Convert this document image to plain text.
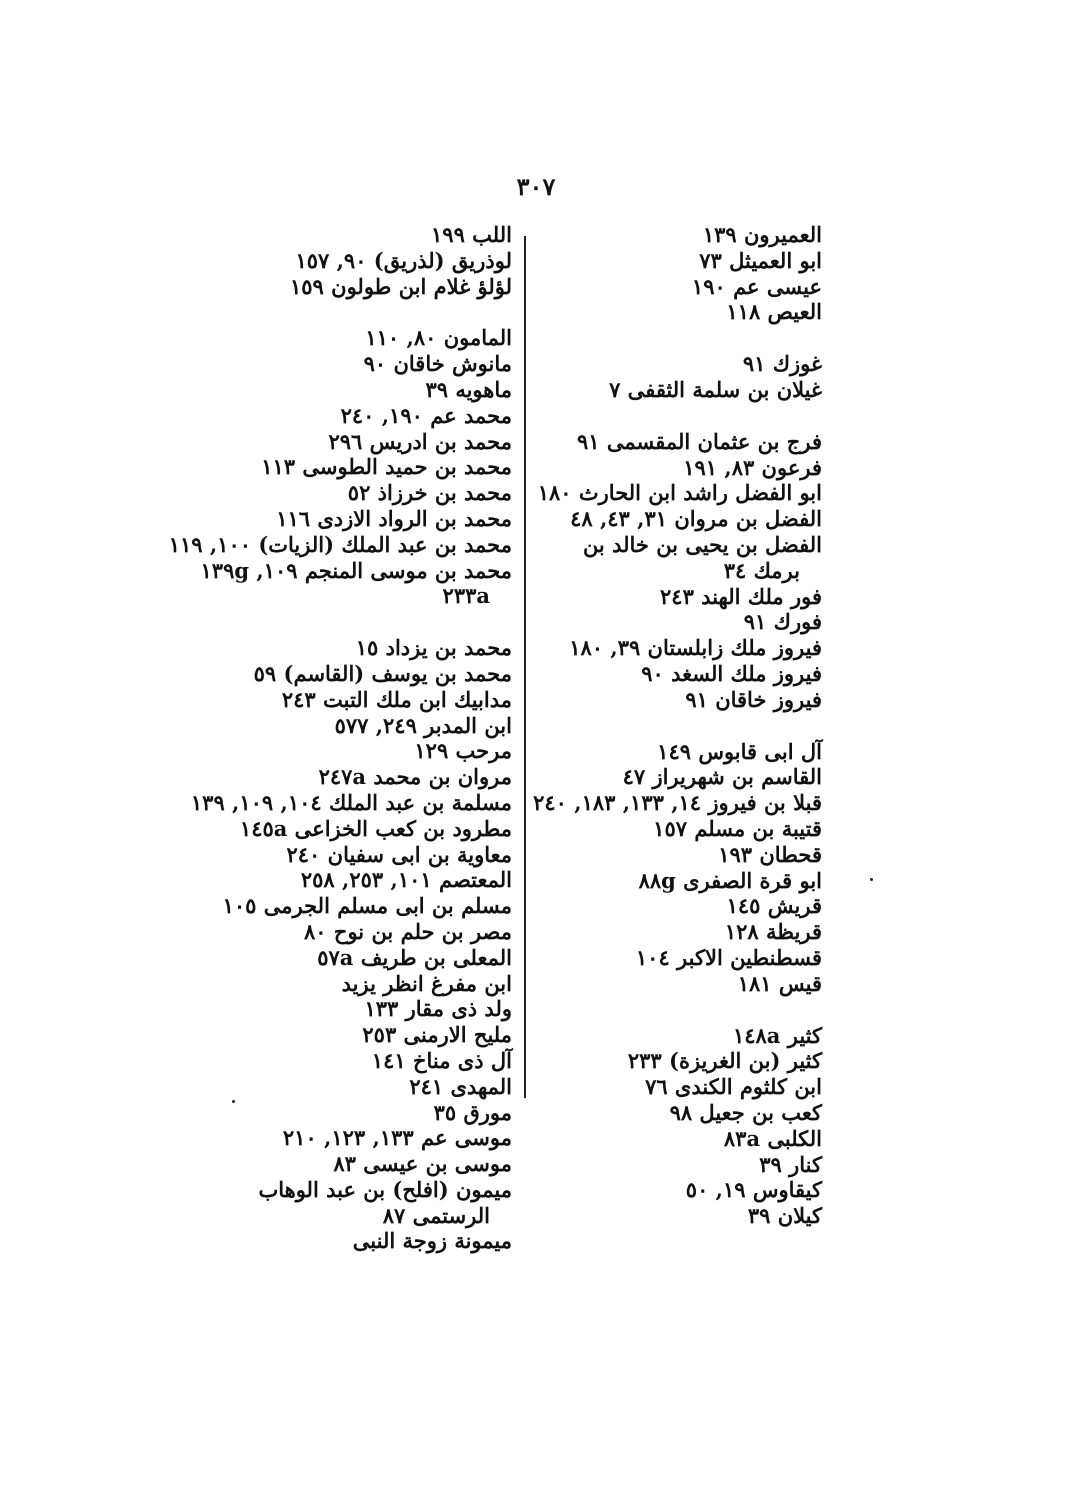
٣٠٧
العميرون ١٣٩
ابو العميثل ٧٣
عيسى عم ١٩٠
العيص ١١٨
غوزك ٩١
غيلان بن سلمة الثقفى ٧
فرج بن عثمان المقسمى ٩١
فرعون ٨٣, ١٩١
ابو الفضل راشد ابن الحارث ١٨٠
الفضل بن مروان ٣١, ٤٣, ٤٨
الفضل بن يحيى بن خالد بن
برمك ٣٤
فور ملك الهند ٢٤٣
فورك ٩١
فيروز ملك زابلستان ٣٩, ١٨٠
فيروز ملك السغد ٩٠
فيروز خاقان ٩١
آل ابى قابوس ١٤٩
القاسم بن شهريراز ٤٧
قبلا بن فيروز ١٤, ١٣٣, ١٨٣, ٢٤٠
قتيبة بن مسلم ١٥٧
قحطان ١٩٣
ابو قرة الصفرى ٨٨g
قريش ١٤٥
قريظة ١٢٨
قسطنطين الاكبر ١٠٤
قيس ١٨١
كثير ١٤٨a
كثير (بن الغريزة) ٢٣٣
ابن كلثوم الكندى ٧٦
كعب بن جعيل ٩٨
الكلبى ٨٣a
كنار ٣٩
كيقاوس ١٩, ٥٠
كيلان ٣٩
اللب ١٩٩
لوذريق (لذريق) ٩٠, ١٥٧
لؤلؤ غلام ابن طولون ١٥٩
المامون ٨٠, ١١٠
مانوش خاقان ٩٠
ماهويه ٣٩
محمد عم ١٩٠, ٢٤٠
محمد بن ادريس ٢٩٦
محمد بن حميد الطوسى ١١٣
محمد بن خرزاذ ٥٢
محمد بن الرواد الازدى ١١٦
محمد بن عبد الملك (الزيات) ١٠٠, ١١٩
محمد بن موسى المنجم ١٠٩, ١٣٩g
٢٣٣a
محمد بن يزداد ١٥
محمد بن يوسف (القاسم) ٥٩
مدابيك ابن ملك التبت ٢٤٣
ابن المدبر ٢٤٩, ٥٧٧
مرحب ١٢٩
مروان بن محمد ٢٤٧a
مسلمة بن عبد الملك ١٠٤, ١٠٩, ١٣٩
مطرود بن كعب الخزاعى ١٤٥a
معاوية بن ابى سفيان ٢٤٠
المعتصم ١٠١, ٢٥٣, ٢٥٨
مسلم بن ابى مسلم الجرمى ١٠٥
مصر بن حلم بن نوح ٨٠
المعلى بن طريف ٥٧a
ابن مفرغ انظر يزيد
ولد ذى مقار ١٣٣
مليح الارمنى ٢٥٣
آل ذى مناخ ١٤١
المهدى ٢٤١
مورق ٣٥
موسى عم ١٣٣, ١٢٣, ٢١٠
موسى بن عيسى ٨٣
ميمون (افلح) بن عبد الوهاب
الرستمى ٨٧
ميمونة زوجة النبى
